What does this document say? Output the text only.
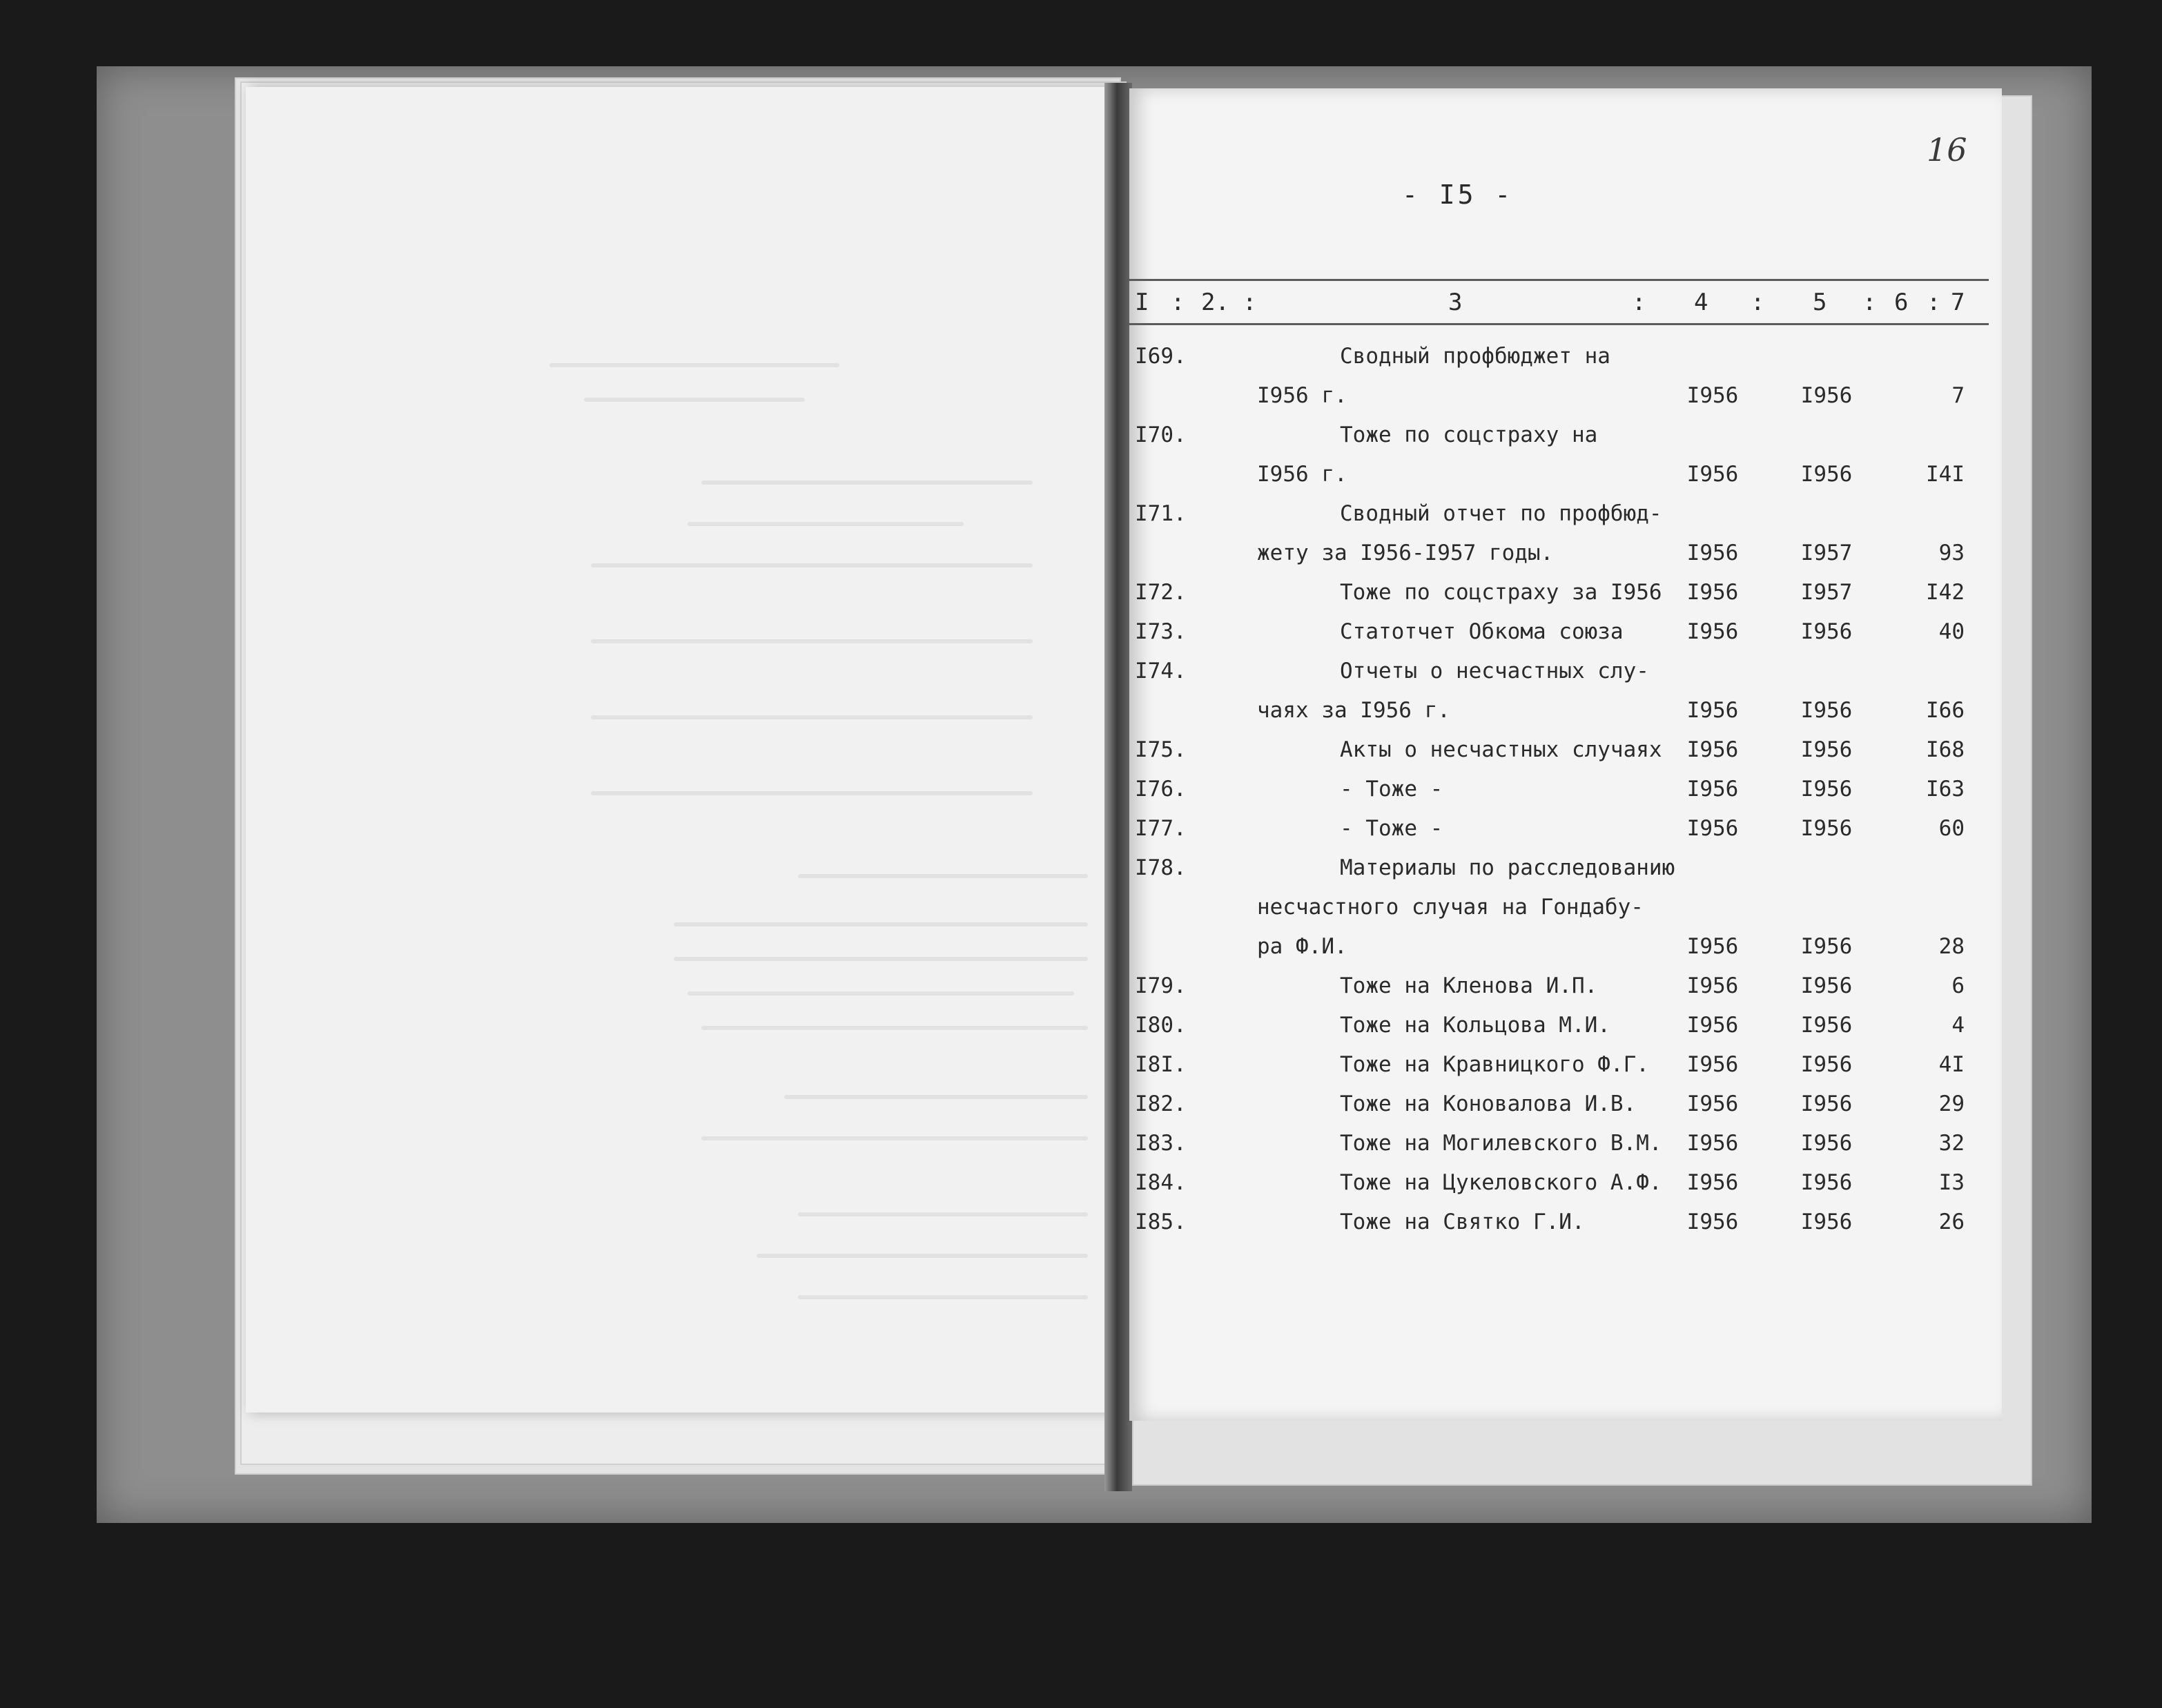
16
- I5 -
I : 2. :	3	: 4 : 5 : 6 : 7
I69.	Сводный профбюджет на
I956 г.	I956	I956	7
I70.	Тоже по соцстраху на
I956 г.	I956	I956	I4I
I71.	Сводный отчет по профбюд-
жету за I956-I957 годы.	I956	I957	93
I72.	Тоже по соцстраху за I956	I956	I957	I42
I73.	Статотчет Обкома союза	I956	I956	40
I74.	Отчеты о несчастных слу-
чаях за I956 г.	I956	I956	I66
I75.	Акты о несчастных случаях	I956	I956	I68
I76.	- Тоже -	I956	I956	I63
I77.	- Тоже -	I956	I956	60
I78.	Материалы по расследованию
несчастного случая на Гондабу-
ра Ф.И.	I956	I956	28
I79.	Тоже на Кленова И.П.	I956	I956	6
I80.	Тоже на Кольцова М.И.	I956	I956	4
I8I.	Тоже на Кравницкого Ф.Г.	I956	I956	4I
I82.	Тоже на Коновалова И.В.	I956	I956	29
I83.	Тоже на Могилевского В.М.	I956	I956	32
I84.	Тоже на Цукеловского А.Ф.	I956	I956	I3
I85.	Тоже на Святко Г.И.	I956	I956	26
